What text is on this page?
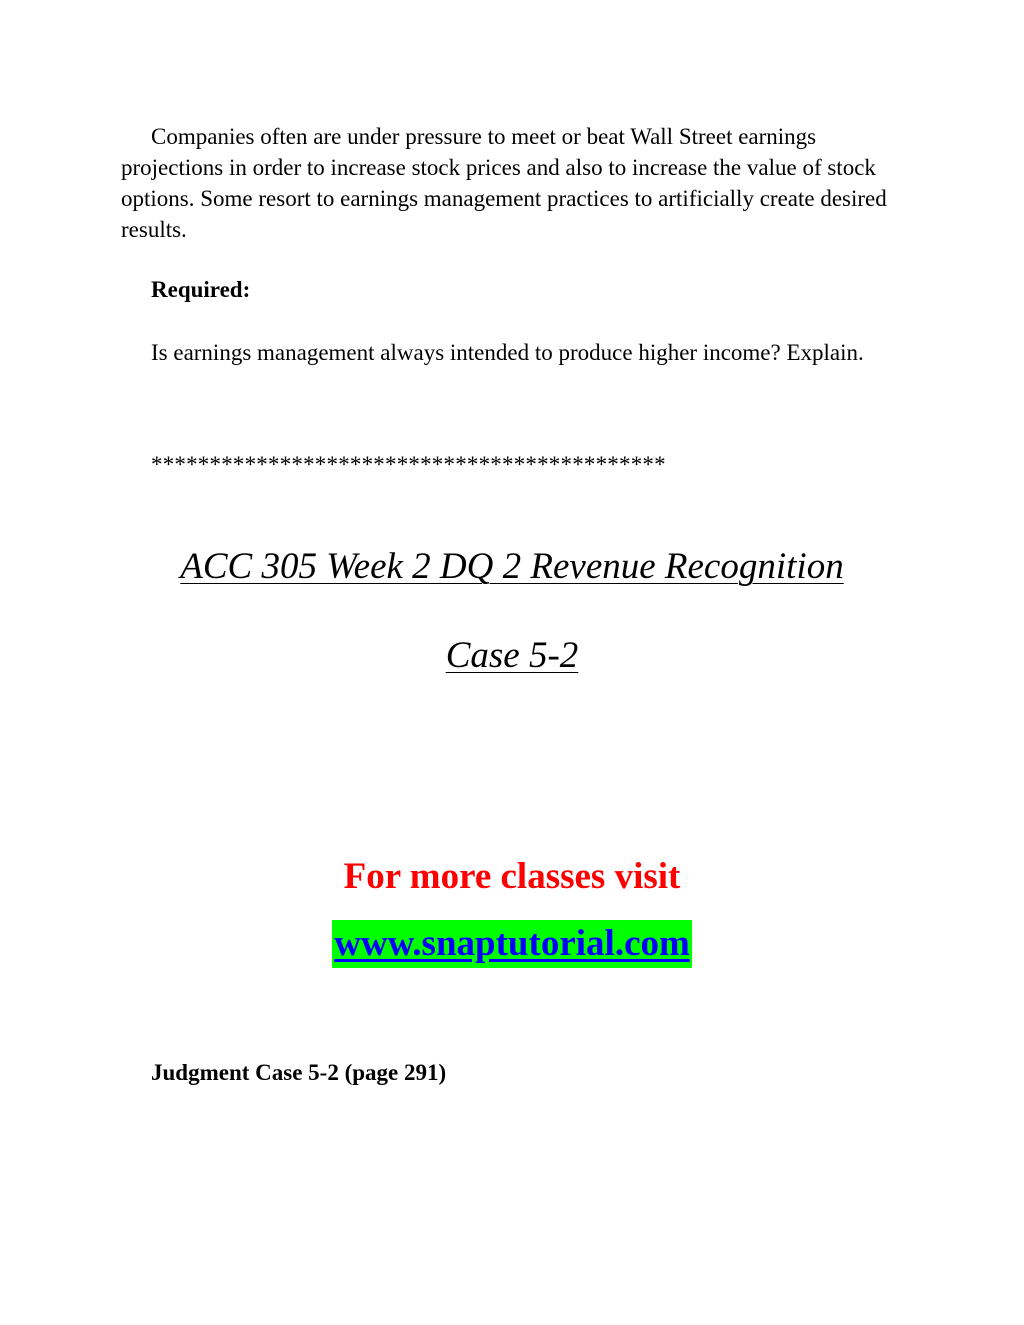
Companies often are under pressure to meet or beat Wall Street earnings projections in order to increase stock prices and also to increase the value of stock options. Some resort to earnings management practices to artificially create desired results.

Required:

Is earnings management always intended to produce higher income? Explain.

********************************************

ACC 305 Week 2 DQ 2 Revenue Recognition

Case 5-2

For more classes visit

www.snaptutorial.com

Judgment Case 5-2 (page 291)
